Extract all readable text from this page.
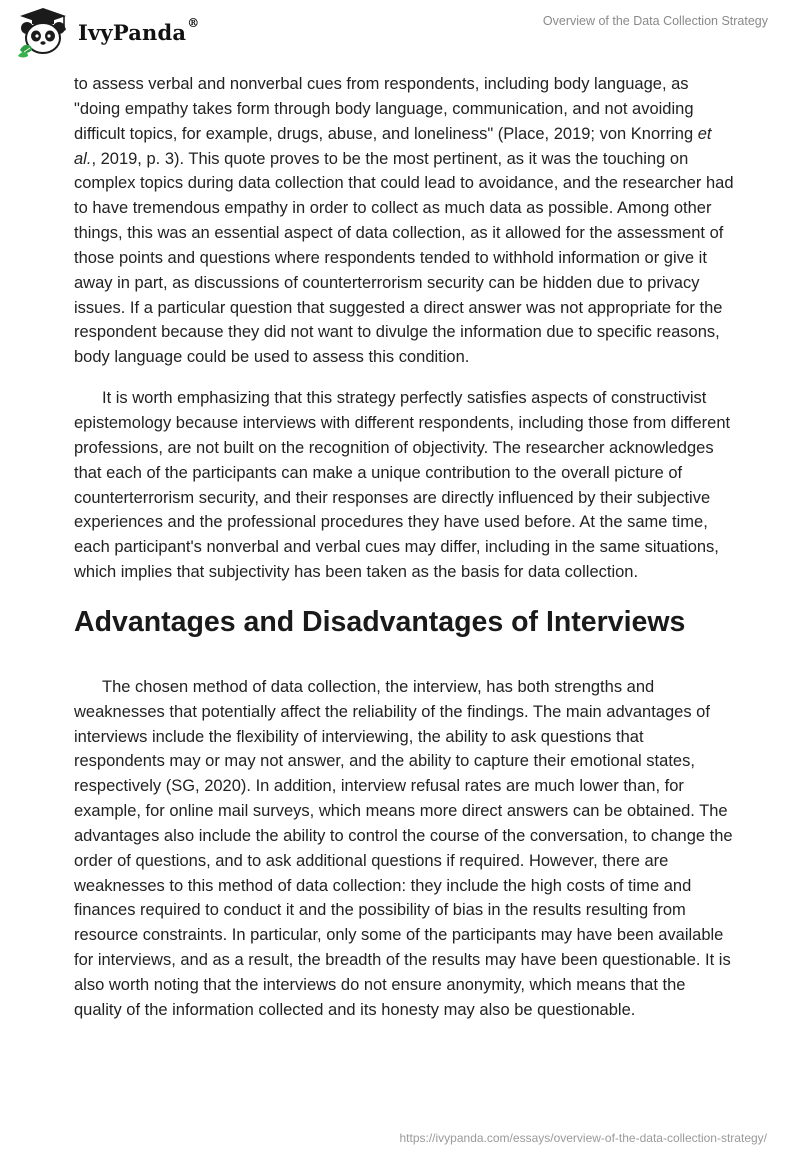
IvyPanda®	Overview of the Data Collection Strategy

to assess verbal and nonverbal cues from respondents, including body language, as "doing empathy takes form through body language, communication, and not avoiding difficult topics, for example, drugs, abuse, and loneliness" (Place, 2019; von Knorring et al., 2019, p. 3). This quote proves to be the most pertinent, as it was the touching on complex topics during data collection that could lead to avoidance, and the researcher had to have tremendous empathy in order to collect as much data as possible. Among other things, this was an essential aspect of data collection, as it allowed for the assessment of those points and questions where respondents tended to withhold information or give it away in part, as discussions of counterterrorism security can be hidden due to privacy issues. If a particular question that suggested a direct answer was not appropriate for the respondent because they did not want to divulge the information due to specific reasons, body language could be used to assess this condition.

It is worth emphasizing that this strategy perfectly satisfies aspects of constructivist epistemology because interviews with different respondents, including those from different professions, are not built on the recognition of objectivity. The researcher acknowledges that each of the participants can make a unique contribution to the overall picture of counterterrorism security, and their responses are directly influenced by their subjective experiences and the professional procedures they have used before. At the same time, each participant's nonverbal and verbal cues may differ, including in the same situations, which implies that subjectivity has been taken as the basis for data collection.

Advantages and Disadvantages of Interviews

The chosen method of data collection, the interview, has both strengths and weaknesses that potentially affect the reliability of the findings. The main advantages of interviews include the flexibility of interviewing, the ability to ask questions that respondents may or may not answer, and the ability to capture their emotional states, respectively (SG, 2020). In addition, interview refusal rates are much lower than, for example, for online mail surveys, which means more direct answers can be obtained. The advantages also include the ability to control the course of the conversation, to change the order of questions, and to ask additional questions if required. However, there are weaknesses to this method of data collection: they include the high costs of time and finances required to conduct it and the possibility of bias in the results resulting from resource constraints. In particular, only some of the participants may have been available for interviews, and as a result, the breadth of the results may have been questionable. It is also worth noting that the interviews do not ensure anonymity, which means that the quality of the information collected and its honesty may also be questionable.

https://ivypanda.com/essays/overview-of-the-data-collection-strategy/
